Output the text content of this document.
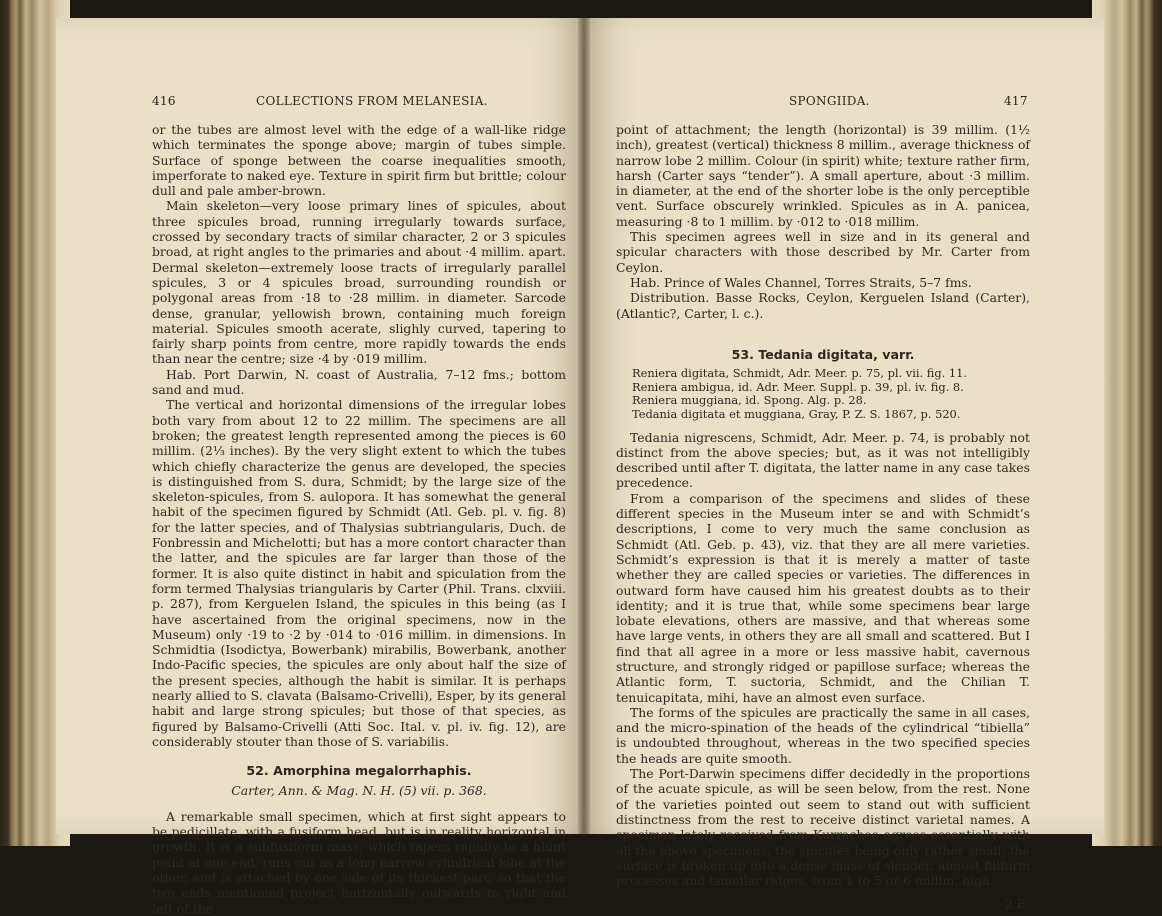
416	COLLECTIONS FROM MELANESIA.

or the tubes are almost level with the edge of a wall-like ridge which terminates the sponge above; margin of tubes simple. Surface of sponge between the coarse inequalities smooth, imperforate to naked eye. Texture in spirit firm but brittle; colour dull and pale amber-brown.

Main skeleton—very loose primary lines of spicules, about three spicules broad, running irregularly towards surface, crossed by secondary tracts of similar character, 2 or 3 spicules broad, at right angles to the primaries and about ·4 millim. apart. Dermal skeleton—extremely loose tracts of irregularly parallel spicules, 3 or 4 spicules broad, surrounding roundish or polygonal areas from ·18 to ·28 millim. in diameter. Sarcode dense, granular, yellowish brown, containing much foreign material. Spicules smooth acerate, slighly curved, tapering to fairly sharp points from centre, more rapidly towards the ends than near the centre; size ·4 by ·019 millim.

Hab. Port Darwin, N. coast of Australia, 7–12 fms.; bottom sand and mud.

The vertical and horizontal dimensions of the irregular lobes both vary from about 12 to 22 millim. The specimens are all broken; the greatest length represented among the pieces is 60 millim. (2⅓ inches). By the very slight extent to which the tubes which chiefly characterize the genus are developed, the species is distinguished from S. dura, Schmidt; by the large size of the skeleton-spicules, from S. aulopora. It has somewhat the general habit of the specimen figured by Schmidt (Atl. Geb. pl. v. fig. 8) for the latter species, and of Thalysias subtriangularis, Duch. de Fonbressin and Michelotti; but has a more contort character than the latter, and the spicules are far larger than those of the former. It is also quite distinct in habit and spiculation from the form termed Thalysias triangularis by Carter (Phil. Trans. clxviii. p. 287), from Kerguelen Island, the spicules in this being (as I have ascertained from the original specimens, now in the Museum) only ·19 to ·2 by ·014 to ·016 millim. in dimensions. In Schmidtia (Isodictya, Bowerbank) mirabilis, Bowerbank, another Indo-Pacific species, the spicules are only about half the size of the present species, although the habit is similar. It is perhaps nearly allied to S. clavata (Balsamo-Crivelli), Esper, by its general habit and large strong spicules; but those of that species, as figured by Balsamo-Crivelli (Atti Soc. Ital. v. pl. iv. fig. 12), are considerably stouter than those of S. variabilis.

52. Amorphina megalorrhaphis.
Carter, Ann. & Mag. N. H. (5) vii. p. 368.

A remarkable small specimen, which at first sight appears to be pedicillate, with a fusiform head, but is in reality horizontal in growth. It is a subfusiform mass, which tapers rapidly to a blunt point at one end, runs out as a long narrow cylindrical lobe at the other, and is attached by one side of its thickest part, so that the two ends mentioned project horizontally outwards to right and left of the

SPONGIIDA.	417

point of attachment; the length (horizontal) is 39 millim. (1½ inch), greatest (vertical) thickness 8 millim., average thickness of narrow lobe 2 millim. Colour (in spirit) white; texture rather firm, harsh (Carter says “tender”). A small aperture, about ·3 millim. in diameter, at the end of the shorter lobe is the only perceptible vent. Surface obscurely wrinkled. Spicules as in A. panicea, measuring ·8 to 1 millim. by ·012 to ·018 millim.

This specimen agrees well in size and in its general and spicular characters with those described by Mr. Carter from Ceylon.

Hab. Prince of Wales Channel, Torres Straits, 5–7 fms.

Distribution. Basse Rocks, Ceylon, Kerguelen Island (Carter), (Atlantic?, Carter, l. c.).

53. Tedania digitata, varr.
Reniera digitata, Schmidt, Adr. Meer. p. 75, pl. vii. fig. 11.
Reniera ambigua, id. Adr. Meer. Suppl. p. 39, pl. iv. fig. 8.
Reniera muggiana, id. Spong. Alg. p. 28.
Tedania digitata et muggiana, Gray, P. Z. S. 1867, p. 520.

Tedania nigrescens, Schmidt, Adr. Meer. p. 74, is probably not distinct from the above species; but, as it was not intelligibly described until after T. digitata, the latter name in any case takes precedence.

From a comparison of the specimens and slides of these different species in the Museum inter se and with Schmidt’s descriptions, I come to very much the same conclusion as Schmidt (Atl. Geb. p. 43), viz. that they are all mere varieties. Schmidt’s expression is that it is merely a matter of taste whether they are called species or varieties. The differences in outward form have caused him his greatest doubts as to their identity; and it is true that, while some specimens bear large lobate elevations, others are massive, and that whereas some have large vents, in others they are all small and scattered. But I find that all agree in a more or less massive habit, cavernous structure, and strongly ridged or papillose surface; whereas the Atlantic form, T. suctoria, Schmidt, and the Chilian T. tenuicapitata, mihi, have an almost even surface.

The forms of the spicules are practically the same in all cases, and the micro-spination of the heads of the cylindrical “tibiella” is undoubted throughout, whereas in the two specified species the heads are quite smooth.

The Port-Darwin specimens differ decidedly in the proportions of the acuate spicule, as will be seen below, from the rest. None of the varieties pointed out seem to stand out with sufficient distinctness from the rest to receive distinct varietal names. A specimen lately received from Kurrachee agrees essentially with all the above specimens, the spicules being only rather small; the surface is broken up into a dense mass of slender, almost filiform processes and lamellar ridges, from 1 to 5 or 6 millim. high.

2 E
